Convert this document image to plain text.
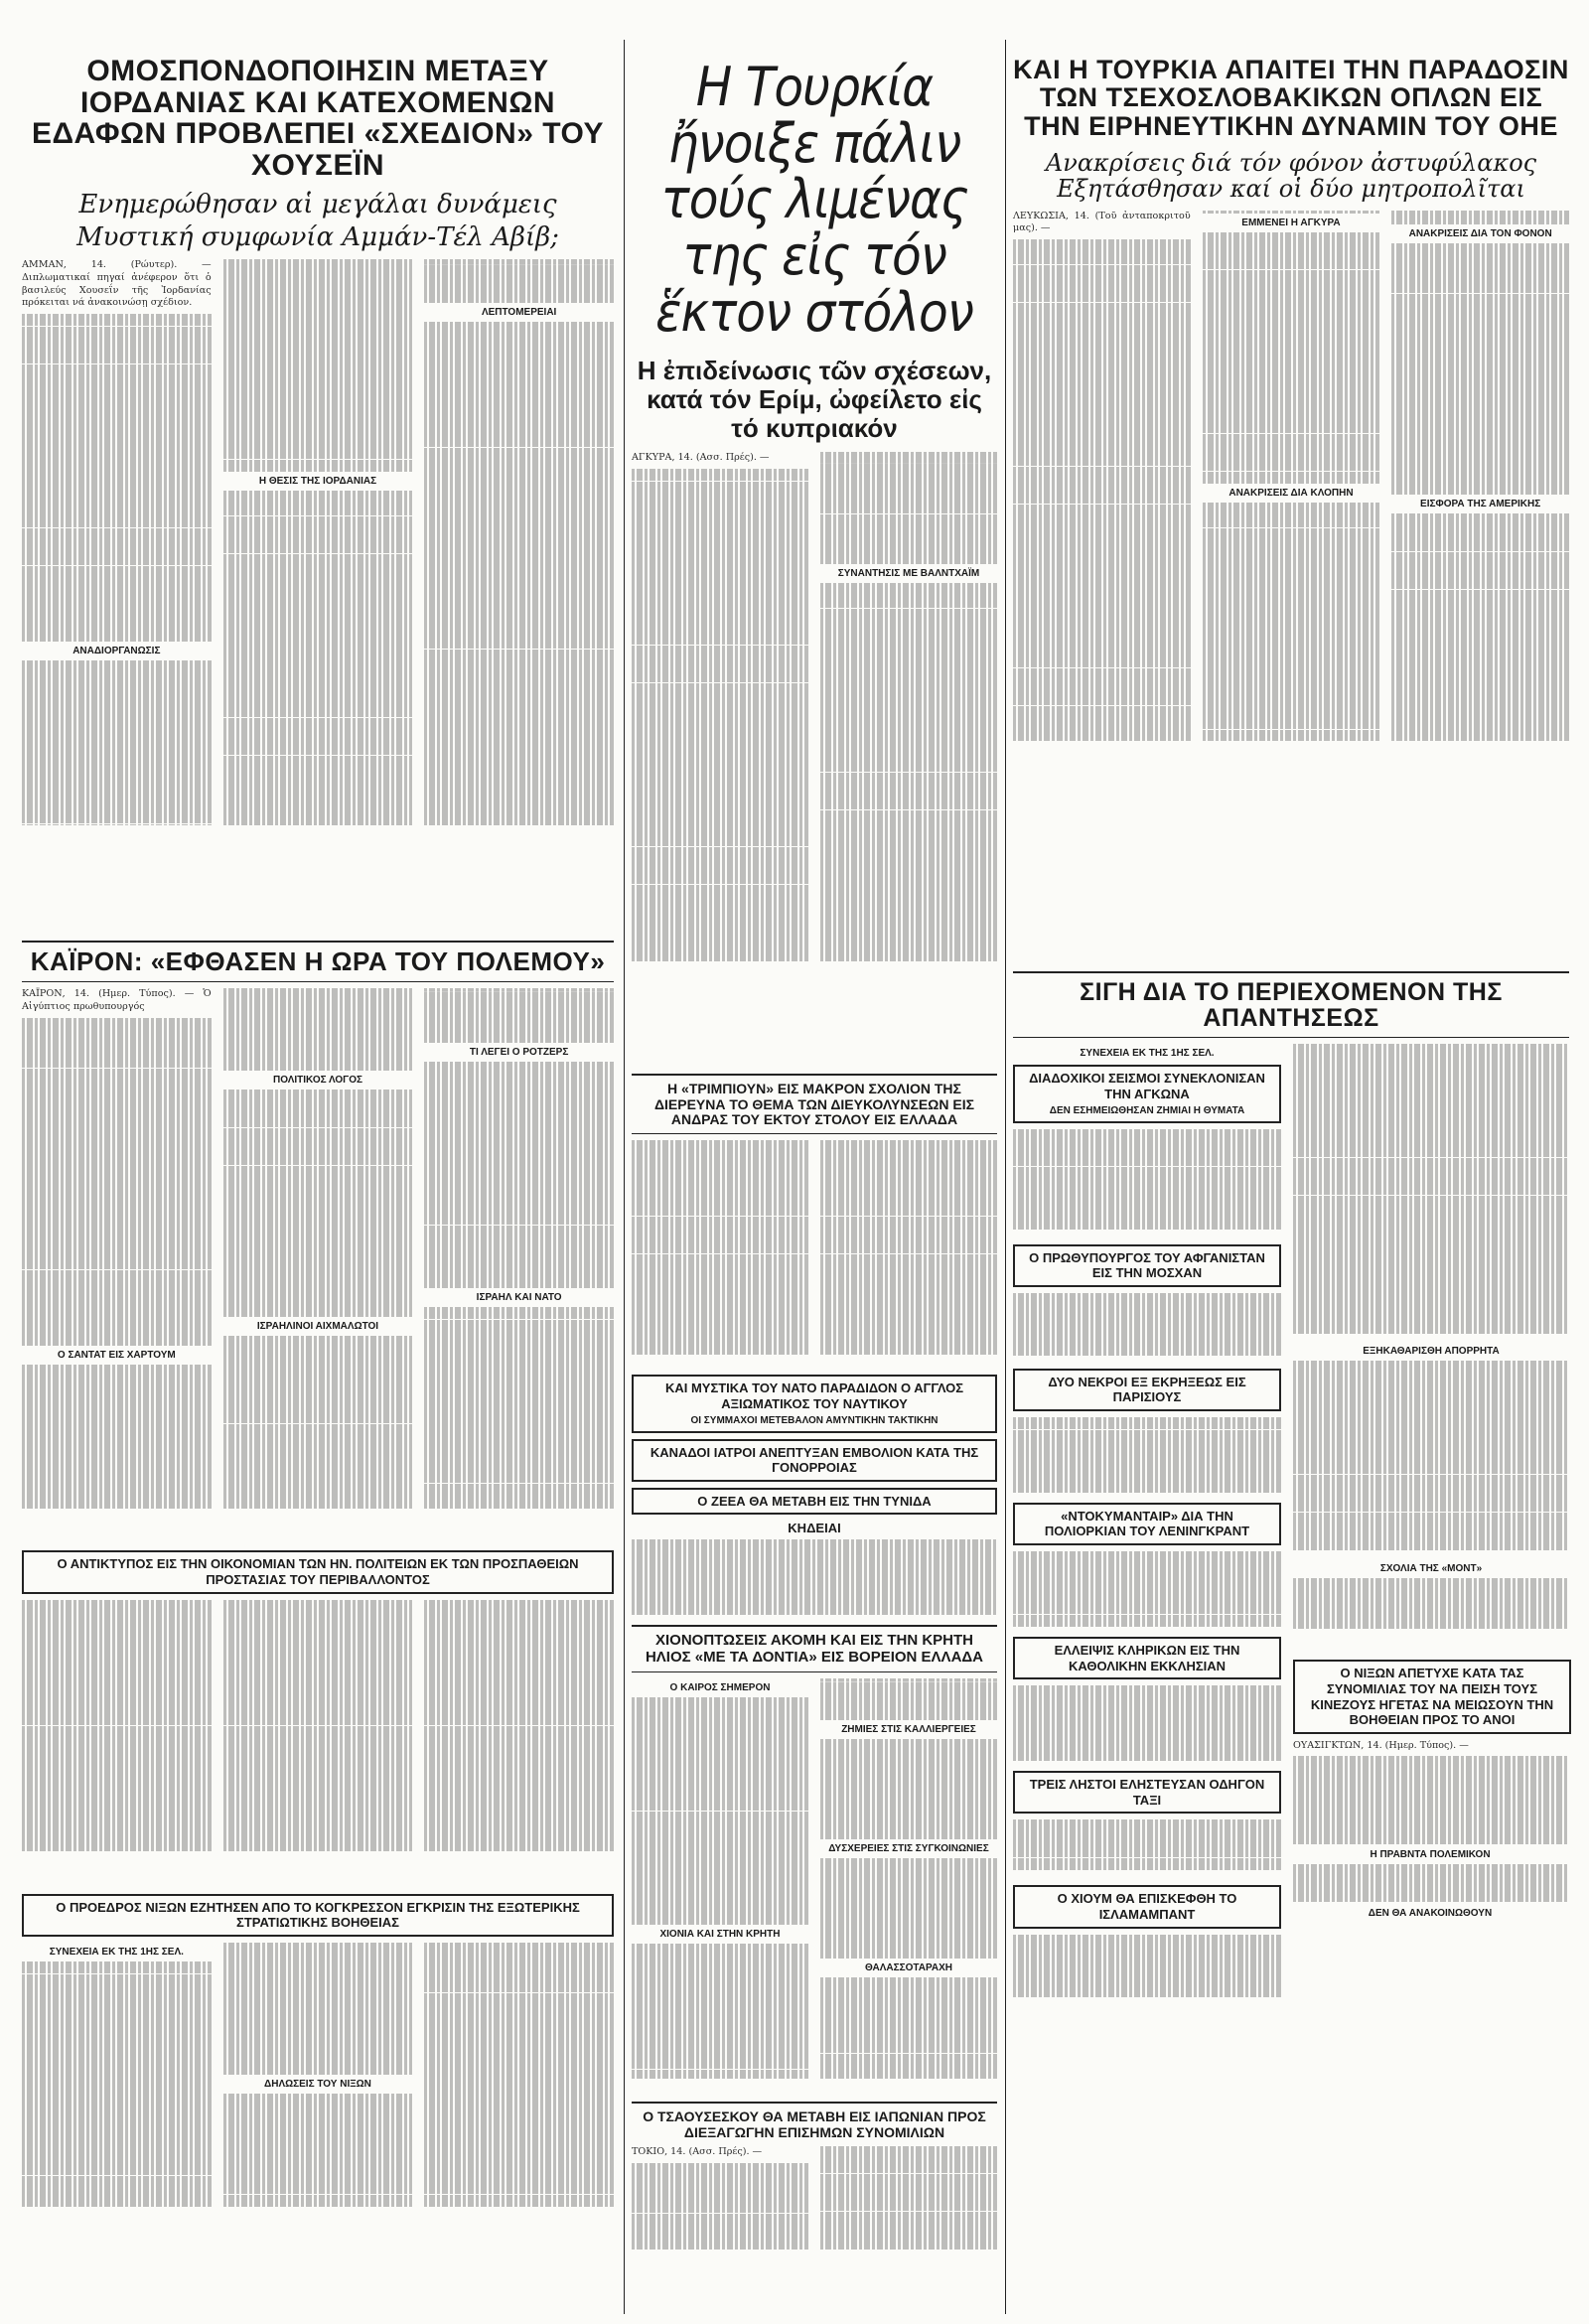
ΟΜΟΣΠΟΝΔΟΠΟΙΗΣΙΝ ΜΕΤΑΞΥ ΙΟΡΔΑΝΙΑΣ ΚΑΙ ΚΑΤΕΧΟΜΕΝΩΝ ΕΔΑΦΩΝ ΠΡΟΒΛΕΠΕΙ «ΣΧΕΔΙΟΝ» ΤΟΥ ΧΟΥΣΕΪΝ

Ενημερώθησαν αἱ μεγάλαι δυνάμεις

Μυστική συμφωνία Αμμάν-Τέλ Αβίβ;

ΑΜΜΑΝ, 14. (Ρώυτερ). — Διπλωματικαί πηγαί ἀνέφερον ὅτι ὁ βασιλεύς Χουσεΐν τῆς Ἰορδανίας πρόκειται νά ἀνακοινώσῃ σχέδιον.

ΑΝΑΔΙΟΡΓΑΝΩΣΙΣ

Η ΘΕΣΙΣ ΤΗΣ ΙΟΡΔΑΝΙΑΣ

ΛΕΠΤΟΜΕΡΕΙΑΙ

ΚΑΪΡΟΝ: «ΕΦΘΑΣΕΝ Η ΩΡΑ ΤΟΥ ΠΟΛΕΜΟΥ»

ΚΑΪΡΟΝ, 14. (Ημερ. Τύπος). — Ὁ Αἰγύπτιος πρωθυπουργός

Ο ΣΑΝΤΑΤ ΕΙΣ ΧΑΡΤΟΥΜ

ΠΟΛΙΤΙΚΟΣ ΛΟΓΟΣ

ΙΣΡΑΗΛΙΝΟΙ ΑΙΧΜΑΛΩΤΟΙ

ΤΙ ΛΕΓΕΙ Ο ΡΟΤΖΕΡΣ

ΙΣΡΑΗΛ ΚΑΙ ΝΑΤΟ

Ο ΑΝΤΙΚΤΥΠΟΣ ΕΙΣ ΤΗΝ ΟΙΚΟΝΟΜΙΑΝ ΤΩΝ ΗΝ. ΠΟΛΙΤΕΙΩΝ ΕΚ ΤΩΝ ΠΡΟΣΠΑΘΕΙΩΝ ΠΡΟΣΤΑΣΙΑΣ ΤΟΥ ΠΕΡΙΒΑΛΛΟΝΤΟΣ

Ο ΠΡΟΕΔΡΟΣ ΝΙΞΩΝ ΕΖΗΤΗΣΕΝ ΑΠΟ ΤΟ ΚΟΓΚΡΕΣΣΟΝ ΕΓΚΡΙΣΙΝ ΤΗΣ ΕΞΩΤΕΡΙΚΗΣ ΣΤΡΑΤΙΩΤΙΚΗΣ ΒΟΗΘΕΙΑΣ

ΣΥΝΕΧΕΙΑ ΕΚ ΤΗΣ 1ΗΣ ΣΕΛ.

ΔΗΛΩΣΕΙΣ ΤΟΥ ΝΙΞΩΝ

Η Τουρκία ἤνοιξε πάλιν τούς λιμένας της εἰς τόν ἕκτον στόλον

Η ἐπιδείνωσις τῶν σχέσεων, κατά τόν Ερίμ, ὠφείλετο εἰς τό κυπριακόν

ΑΓΚΥΡΑ, 14. (Ασσ. Πρές). —

ΣΥΝΑΝΤΗΣΙΣ ΜΕ ΒΑΛΝΤΧΑΪΜ

Η «ΤΡΙΜΠΙΟΥΝ» ΕΙΣ ΜΑΚΡΟΝ ΣΧΟΛΙΟΝ ΤΗΣ ΔΙΕΡΕΥΝΑ ΤΟ ΘΕΜΑ ΤΩΝ ΔΙΕΥΚΟΛΥΝΣΕΩΝ ΕΙΣ ΑΝΔΡΑΣ ΤΟΥ ΕΚΤΟΥ ΣΤΟΛΟΥ ΕΙΣ ΕΛΛΑΔΑ

ΚΑΙ ΜΥΣΤΙΚΑ ΤΟΥ ΝΑΤΟ ΠΑΡΑΔΙΔΟΝ Ο ΑΓΓΛΟΣ ΑΞΙΩΜΑΤΙΚΟΣ ΤΟΥ ΝΑΥΤΙΚΟΥ

ΟΙ ΣΥΜΜΑΧΟΙ ΜΕΤΕΒΑΛΟΝ ΑΜΥΝΤΙΚΗΝ ΤΑΚΤΙΚΗΝ

ΚΑΝΑΔΟΙ ΙΑΤΡΟΙ ΑΝΕΠΤΥΞΑΝ ΕΜΒΟΛΙΟΝ ΚΑΤΑ ΤΗΣ ΓΟΝΟΡΡΟΙΑΣ

Ο ΖΕΕΑ ΘΑ ΜΕΤΑΒΗ ΕΙΣ ΤΗΝ ΤΥΝΙΔΑ

ΚΗΔΕΙΑΙ

ΧΙΟΝΟΠΤΩΣΕΙΣ ΑΚΟΜΗ ΚΑΙ ΕΙΣ ΤΗΝ ΚΡΗΤΗ ΗΛΙΟΣ «ΜΕ ΤΑ ΔΟΝΤΙΑ» ΕΙΣ ΒΟΡΕΙΟΝ ΕΛΛΑΔΑ

Ο ΚΑΙΡΟΣ ΣΗΜΕΡΟΝ

ΧΙΟΝΙΑ ΚΑΙ ΣΤΗΝ ΚΡΗΤΗ

ΖΗΜΙΕΣ ΣΤΙΣ ΚΑΛΛΙΕΡΓΕΙΕΣ

ΔΥΣΧΕΡΕΙΕΣ ΣΤΙΣ ΣΥΓΚΟΙΝΩΝΙΕΣ

ΘΑΛΑΣΣΟΤΑΡΑΧΗ

Ο ΤΣΑΟΥΣΕΣΚΟΥ ΘΑ ΜΕΤΑΒΗ ΕΙΣ ΙΑΠΩΝΙΑΝ ΠΡΟΣ ΔΙΕΞΑΓΩΓΗΝ ΕΠΙΣΗΜΩΝ ΣΥΝΟΜΙΛΙΩΝ

ΤΟΚΙΟ, 14. (Ασσ. Πρές). —

ΚΑΙ Η ΤΟΥΡΚΙΑ ΑΠΑΙΤΕΙ ΤΗΝ ΠΑΡΑΔΟΣΙΝ ΤΩΝ ΤΣΕΧΟΣΛΟΒΑΚΙΚΩΝ ΟΠΛΩΝ ΕΙΣ ΤΗΝ ΕΙΡΗΝΕΥΤΙΚΗΝ ΔΥΝΑΜΙΝ ΤΟΥ ΟΗΕ

Ανακρίσεις διά τόν φόνον ἀστυφύλακος Εξητάσθησαν καί οἱ δύο μητροπολῖται

ΛΕΥΚΩΣΙΑ, 14. (Τοῦ ἀνταποκριτοῦ μας). —

ΕΜΜΕΝΕΙ Η ΑΓΚΥΡΑ

ΑΝΑΚΡΙΣΕΙΣ ΔΙΑ ΚΛΟΠΗΝ

ΑΝΑΚΡΙΣΕΙΣ ΔΙΑ ΤΟΝ ΦΟΝΟΝ

ΕΙΣΦΟΡΑ ΤΗΣ ΑΜΕΡΙΚΗΣ

ΣΙΓΗ ΔΙΑ ΤΟ ΠΕΡΙΕΧΟΜΕΝΟΝ ΤΗΣ ΑΠΑΝΤΗΣΕΩΣ

ΣΥΝΕΧΕΙΑ ΕΚ ΤΗΣ 1ΗΣ ΣΕΛ.

ΔΙΑΔΟΧΙΚΟΙ ΣΕΙΣΜΟΙ ΣΥΝΕΚΛΟΝΙΣΑΝ ΤΗΝ ΑΓΚΩΝΑ

ΔΕΝ ΕΣΗΜΕΙΩΘΗΣΑΝ ΖΗΜΙΑΙ Η ΘΥΜΑΤΑ

Ο ΠΡΩΘΥΠΟΥΡΓΟΣ ΤΟΥ ΑΦΓΑΝΙΣΤΑΝ ΕΙΣ ΤΗΝ ΜΟΣΧΑΝ

ΔΥΟ ΝΕΚΡΟΙ ΕΞ ΕΚΡΗΞΕΩΣ ΕΙΣ ΠΑΡΙΣΙΟΥΣ

«ΝΤΟΚΥΜΑΝΤΑΙΡ» ΔΙΑ ΤΗΝ ΠΟΛΙΟΡΚΙΑΝ ΤΟΥ ΛΕΝΙΝΓΚΡΑΝΤ

ΕΛΛΕΙΨΙΣ ΚΛΗΡΙΚΩΝ ΕΙΣ ΤΗΝ ΚΑΘΟΛΙΚΗΝ ΕΚΚΛΗΣΙΑΝ

ΤΡΕΙΣ ΛΗΣΤΟΙ ΕΛΗΣΤΕΥΣΑΝ ΟΔΗΓΟΝ ΤΑΞΙ

Ο ΧΙΟΥΜ ΘΑ ΕΠΙΣΚΕΦΘΗ ΤΟ ΙΣΛΑΜΑΜΠΑΝΤ

ΕΞΗΚΑΘΑΡΙΣΘΗ ΑΠΟΡΡΗΤΑ

ΣΧΟΛΙΑ ΤΗΣ «ΜΟΝΤ»

Ο ΝΙΞΩΝ ΑΠΕΤΥΧΕ ΚΑΤΑ ΤΑΣ ΣΥΝΟΜΙΛΙΑΣ ΤΟΥ ΝΑ ΠΕΙΣΗ ΤΟΥΣ ΚΙΝΕΖΟΥΣ ΗΓΕΤΑΣ ΝΑ ΜΕΙΩΣΟΥΝ ΤΗΝ ΒΟΗΘΕΙΑΝ ΠΡΟΣ ΤΟ ΑΝΟΙ

ΟΥΑΣΙΓΚΤΩΝ, 14. (Ημερ. Τύπος). —

Η ΠΡΑΒΝΤΑ ΠΟΛΕΜΙΚΟΝ

ΔΕΝ ΘΑ ΑΝΑΚΟΙΝΩΘΟΥΝ
